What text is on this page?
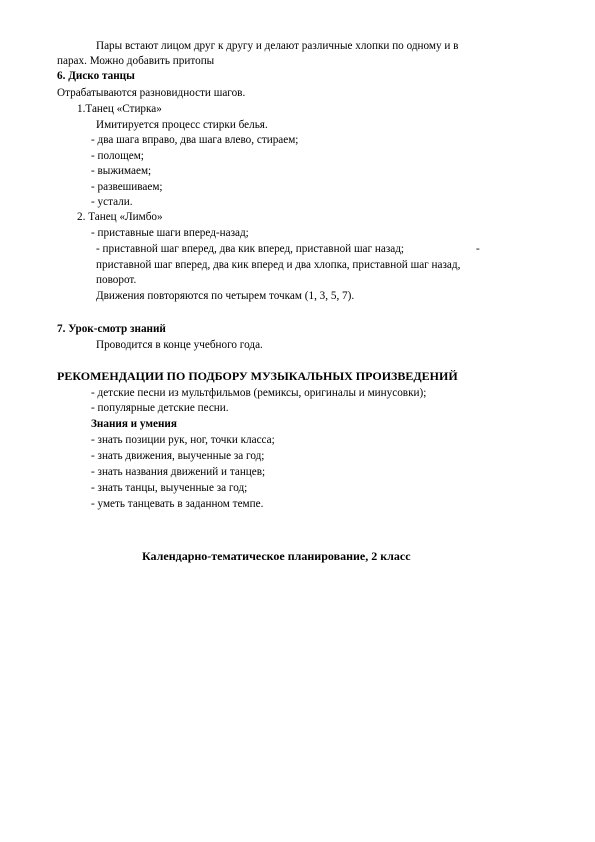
Пары встают лицом друг к другу и делают различные хлопки по одному и в
парах. Можно добавить притопы
6. Диско танцы
Отрабатываются разновидности шагов.
1.Танец «Стирка»
Имитируется процесс стирки белья.
- два шага вправо, два шага влево, стираем;
- полощем;
- выжимаем;
- развешиваем;
- устали.
2. Танец «Лимбо»
- приставные шаги вперед-назад;
- приставной шаг вперед, два кик вперед, приставной шаг назад;	-
приставной шаг вперед, два кик вперед и два хлопка, приставной шаг назад,
поворот.
Движения повторяются по четырем точкам (1, 3, 5, 7).
7. Урок-смотр знаний
Проводится в конце учебного года.
РЕКОМЕНДАЦИИ ПО ПОДБОРУ МУЗЫКАЛЬНЫХ ПРОИЗВЕДЕНИЙ
- детские песни из мультфильмов (ремиксы, оригиналы и минусовки);
- популярные детские песни.
Знания и умения
- знать позиции рук, ног, точки класса;
- знать движения, выученные за год;
- знать названия движений и танцев;
- знать танцы, выученные за год;
- уметь танцевать в заданном темпе.
Календарно-тематическое планирование, 2 класс
